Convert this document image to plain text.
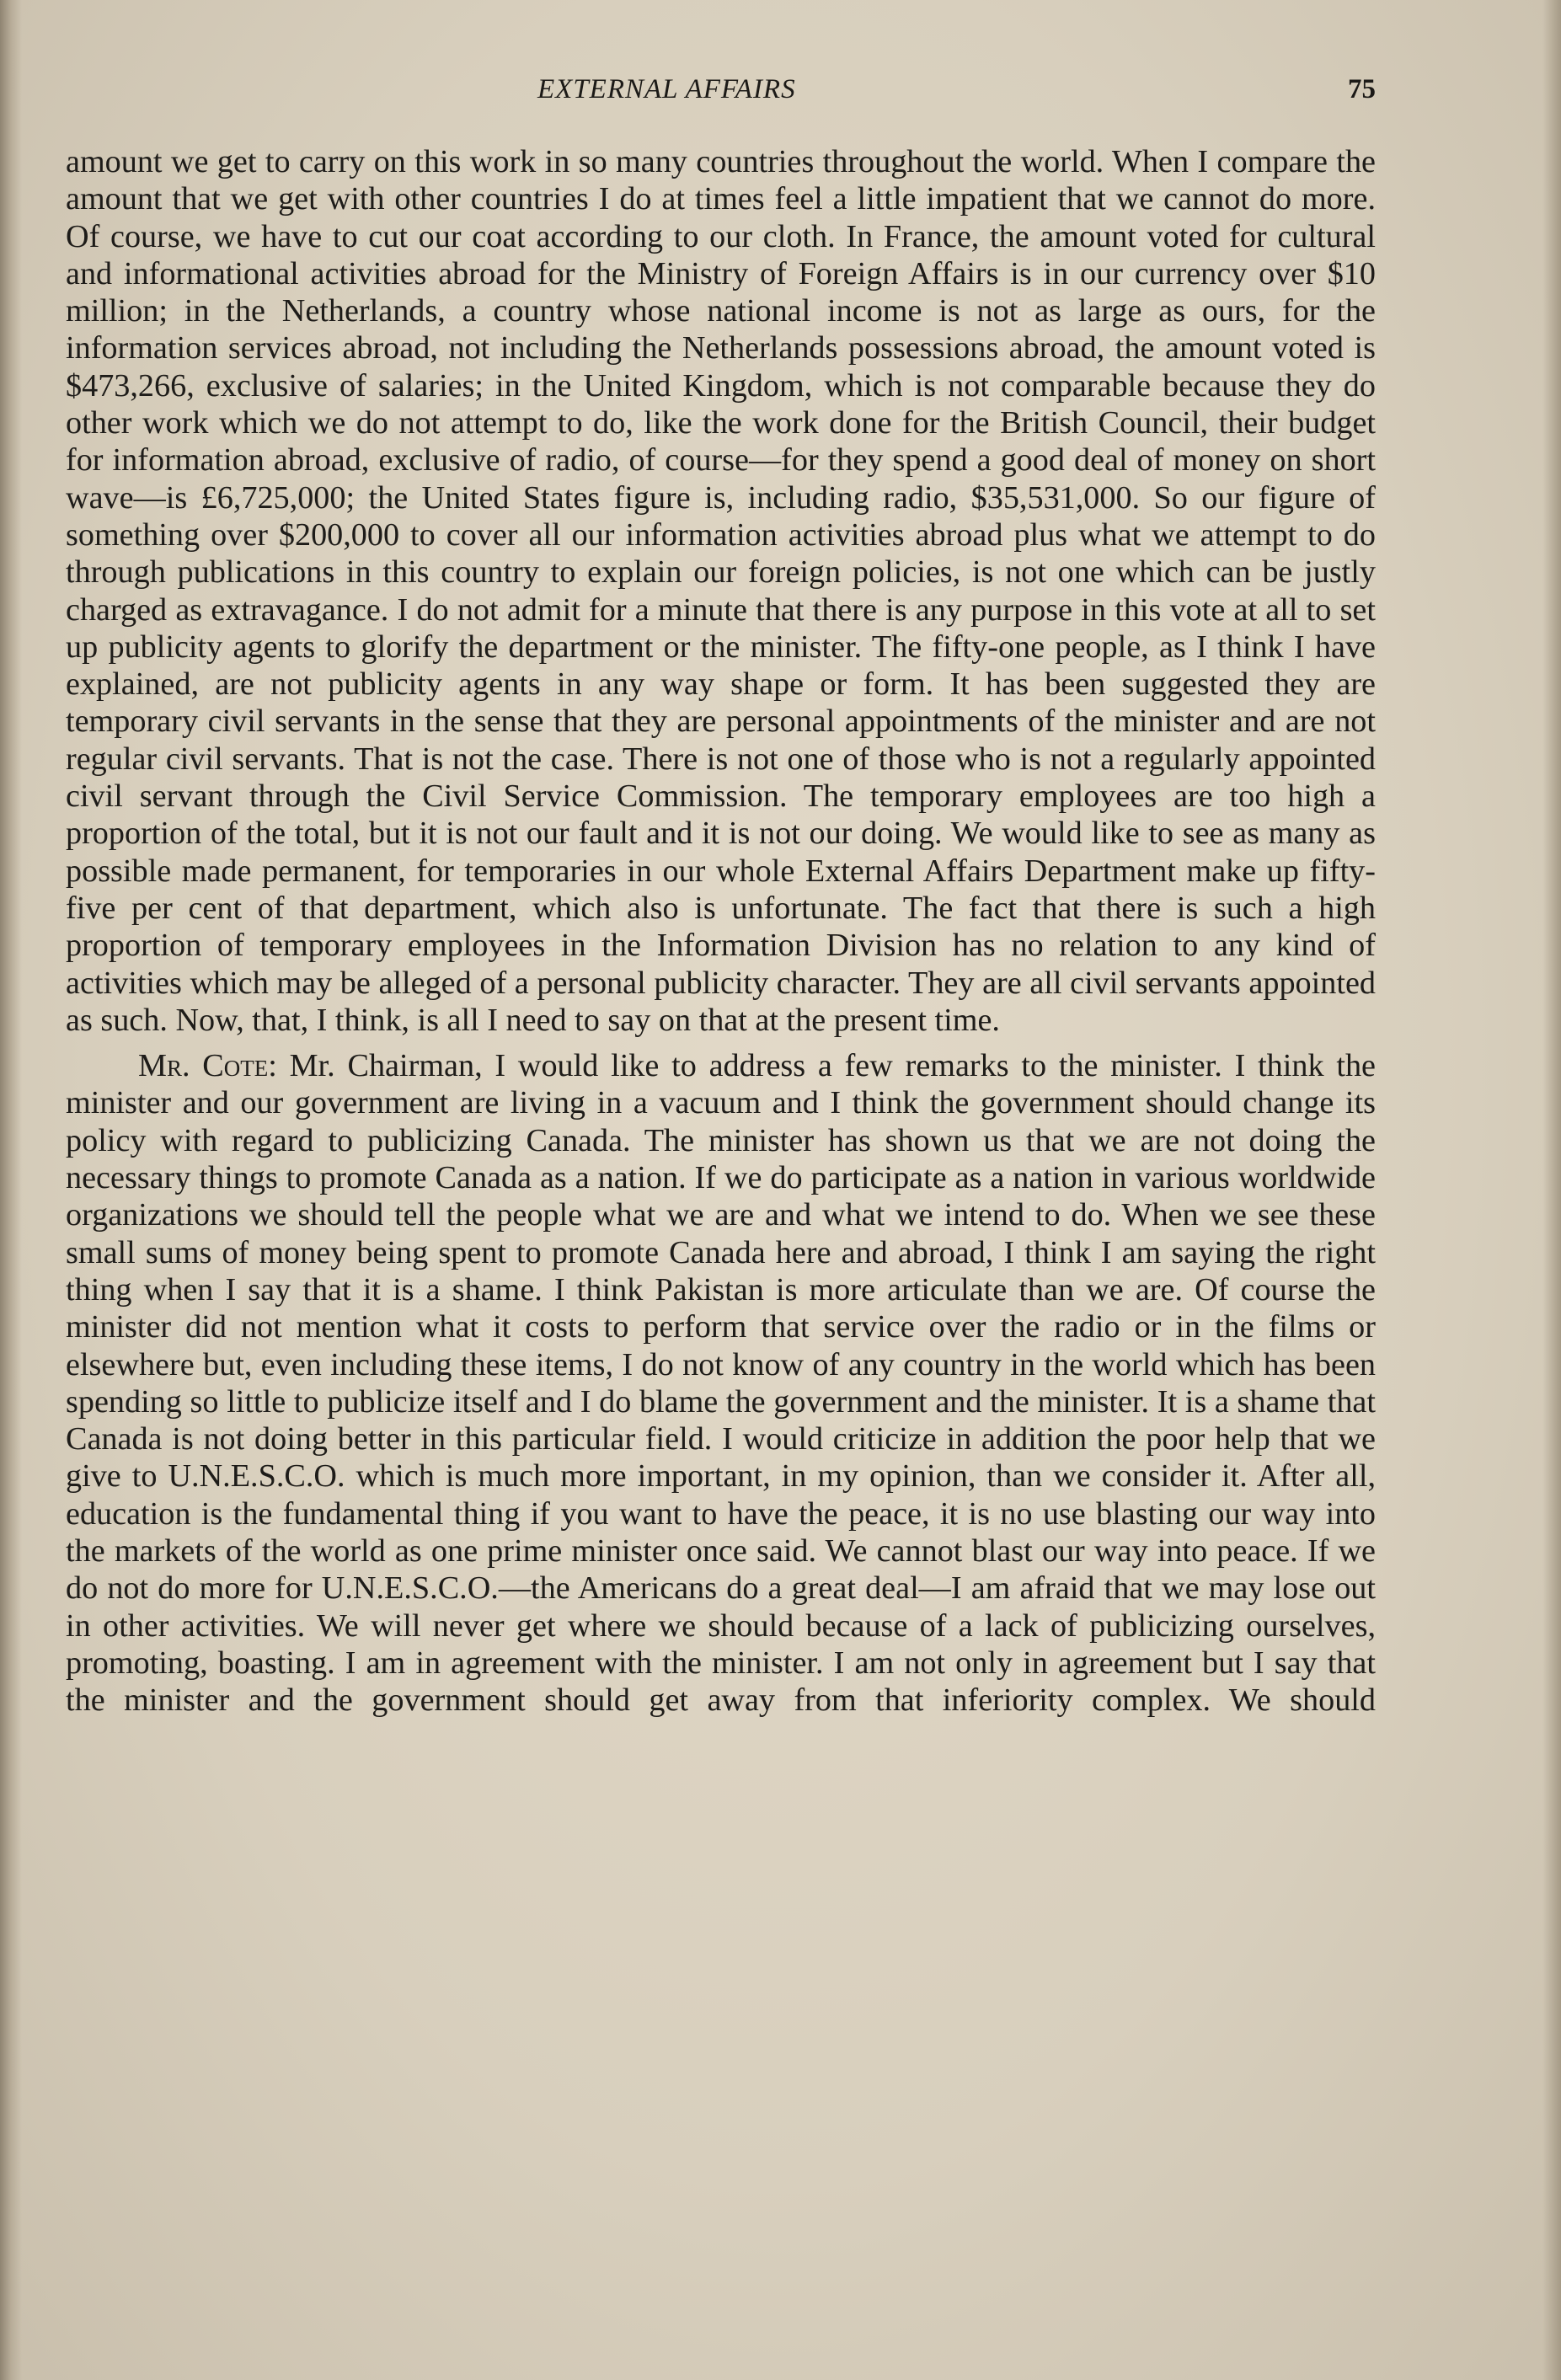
EXTERNAL AFFAIRS	75

amount we get to carry on this work in so many countries throughout the world. When I compare the amount that we get with other countries I do at times feel a little impatient that we cannot do more. Of course, we have to cut our coat according to our cloth. In France, the amount voted for cultural and informational activities abroad for the Ministry of Foreign Affairs is in our currency over $10 million; in the Netherlands, a country whose national income is not as large as ours, for the information services abroad, not including the Netherlands possessions abroad, the amount voted is $473,266, exclusive of salaries; in the United Kingdom, which is not comparable because they do other work which we do not attempt to do, like the work done for the British Council, their budget for information abroad, exclusive of radio, of course—for they spend a good deal of money on short wave—is £6,725,000; the United States figure is, including radio, $35,531,000. So our figure of something over $200,000 to cover all our information activities abroad plus what we attempt to do through publications in this country to explain our foreign policies, is not one which can be justly charged as extravagance. I do not admit for a minute that there is any purpose in this vote at all to set up publicity agents to glorify the department or the minister. The fifty-one people, as I think I have explained, are not publicity agents in any way shape or form. It has been suggested they are temporary civil servants in the sense that they are personal appointments of the minister and are not regular civil servants. That is not the case. There is not one of those who is not a regularly appointed civil servant through the Civil Service Commission. The temporary employees are too high a proportion of the total, but it is not our fault and it is not our doing. We would like to see as many as possible made permanent, for temporaries in our whole External Affairs Department make up fifty-five per cent of that department, which also is unfortunate. The fact that there is such a high proportion of temporary employees in the Information Division has no relation to any kind of activities which may be alleged of a personal publicity character. They are all civil servants appointed as such. Now, that, I think, is all I need to say on that at the present time.

Mr. Cote: Mr. Chairman, I would like to address a few remarks to the minister. I think the minister and our government are living in a vacuum and I think the government should change its policy with regard to publicizing Canada. The minister has shown us that we are not doing the necessary things to promote Canada as a nation. If we do participate as a nation in various worldwide organizations we should tell the people what we are and what we intend to do. When we see these small sums of money being spent to promote Canada here and abroad, I think I am saying the right thing when I say that it is a shame. I think Pakistan is more articulate than we are. Of course the minister did not mention what it costs to perform that service over the radio or in the films or elsewhere but, even including these items, I do not know of any country in the world which has been spending so little to publicize itself and I do blame the government and the minister. It is a shame that Canada is not doing better in this particular field. I would criticize in addition the poor help that we give to U.N.E.S.C.O. which is much more important, in my opinion, than we consider it. After all, education is the fundamental thing if you want to have the peace, it is no use blasting our way into the markets of the world as one prime minister once said. We cannot blast our way into peace. If we do not do more for U.N.E.S.C.O.—the Americans do a great deal—I am afraid that we may lose out in other activities. We will never get where we should because of a lack of publicizing ourselves, promoting, boasting. I am in agreement with the minister. I am not only in agreement but I say that the minister and the government should get away from that inferiority complex. We should
